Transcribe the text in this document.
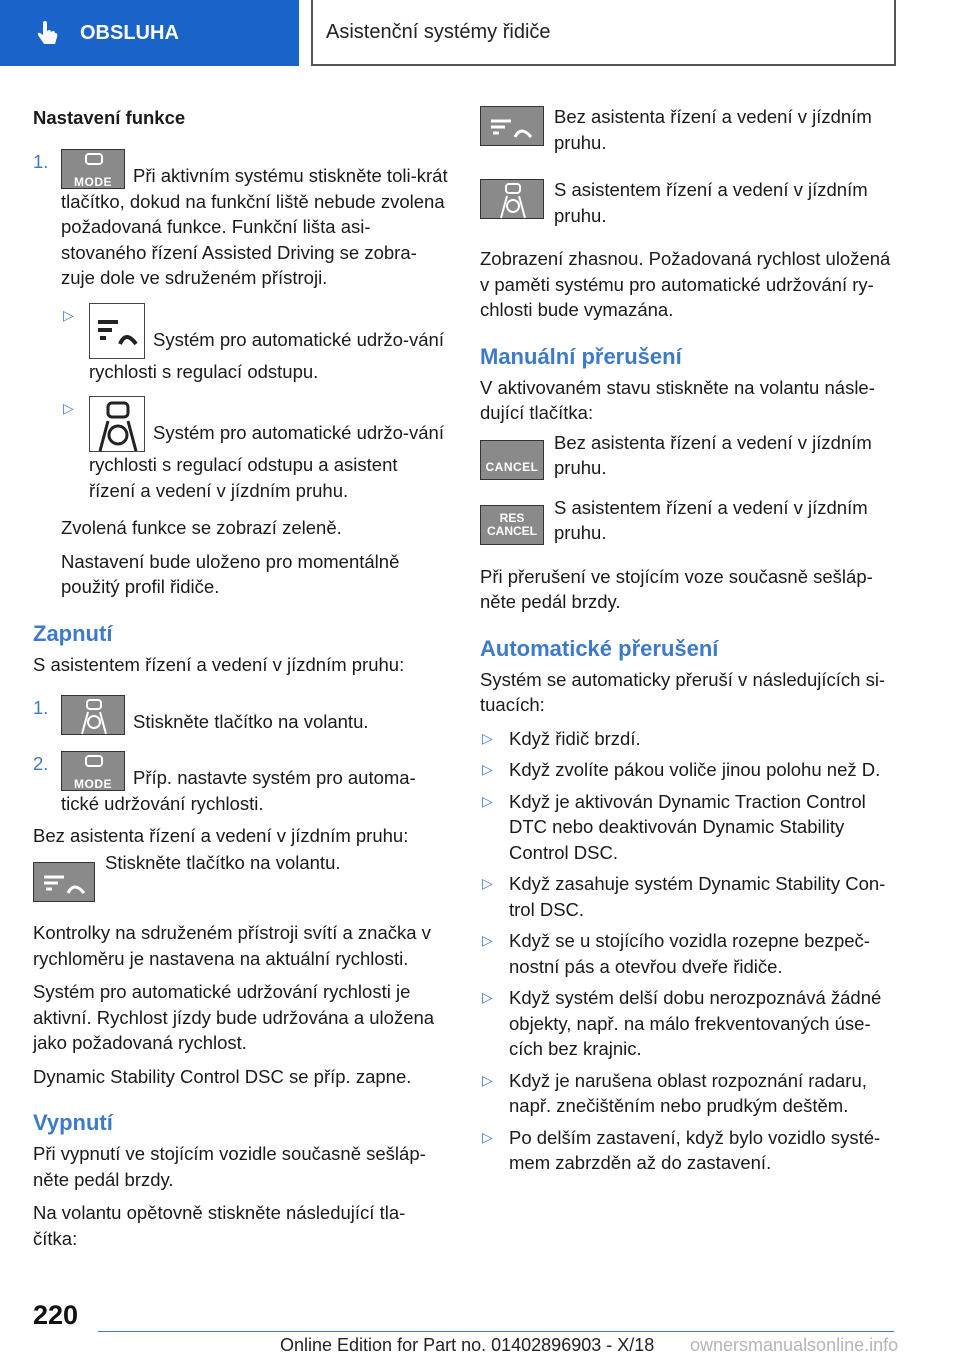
OBSLUHA	Asistenční systémy řidiče

Nastavení funkce

1.
MODE	Při aktivním systému stiskněte toli-krát tlačítko, dokud na funkční liště nebude zvolena požadovaná funkce. Funkční lišta asi-stovaného řízení Assisted Driving se zobra-zuje dole ve sdruženém přístroji.
▷
Systém pro automatické udržo-vání rychlosti s regulací odstupu.
▷
Systém pro automatické udržo-vání rychlosti s regulací odstupu a asistent řízení a vedení v jízdním pruhu.

Zvolená funkce se zobrazí zeleně.

Nastavení bude uloženo pro momentálně použitý profil řidiče.

Zapnutí

S asistentem řízení a vedení v jízdním pruhu:

1.
Stiskněte tlačítko na volantu.
2.
MODE	Příp. nastavte systém pro automa-tické udržování rychlosti.

Bez asistenta řízení a vedení v jízdním pruhu:

Stiskněte tlačítko na volantu.

Kontrolky na sdruženém přístroji svítí a značka v rychloměru je nastavena na aktuální rychlosti.

Systém pro automatické udržování rychlosti je aktivní. Rychlost jízdy bude udržována a uložena jako požadovaná rychlost.

Dynamic Stability Control DSC se příp. zapne.

Vypnutí

Při vypnutí ve stojícím vozidle současně sešláp-něte pedál brzdy.

Na volantu opětovně stiskněte následující tla-čítka:

Bez asistenta řízení a vedení v jízdním pruhu.
S asistentem řízení a vedení v jízdním pruhu.

Zobrazení zhasnou. Požadovaná rychlost uložená v paměti systému pro automatické udržování ry-chlosti bude vymazána.

Manuální přerušení

V aktivovaném stavu stiskněte na volantu násle-dující tlačítka:

CANCEL
Bez asistenta řízení a vedení v jízdním pruhu.
RES
CANCEL
S asistentem řízení a vedení v jízdním pruhu.

Při přerušení ve stojícím voze současně sešláp-něte pedál brzdy.

Automatické přerušení

Systém se automaticky přeruší v následujících si-tuacích:

▷ Když řidič brzdí.
▷ Když zvolíte pákou voliče jinou polohu než D.
▷ Když je aktivován Dynamic Traction Control DTC nebo deaktivován Dynamic Stability Control DSC.
▷ Když zasahuje systém Dynamic Stability Con-trol DSC.
▷ Když se u stojícího vozidla rozepne bezpeč-nostní pás a otevřou dveře řidiče.
▷ Když systém delší dobu nerozpoznává žádné objekty, např. na málo frekventovaných úse-cích bez krajnic.
▷ Když je narušena oblast rozpoznání radaru, např. znečištěním nebo prudkým deštěm.
▷ Po delším zastavení, když bylo vozidlo systé-mem zabrzděn až do zastavení.
220
Online Edition for Part no. 01402896903 - X/18 ownersmanualsonline.info
